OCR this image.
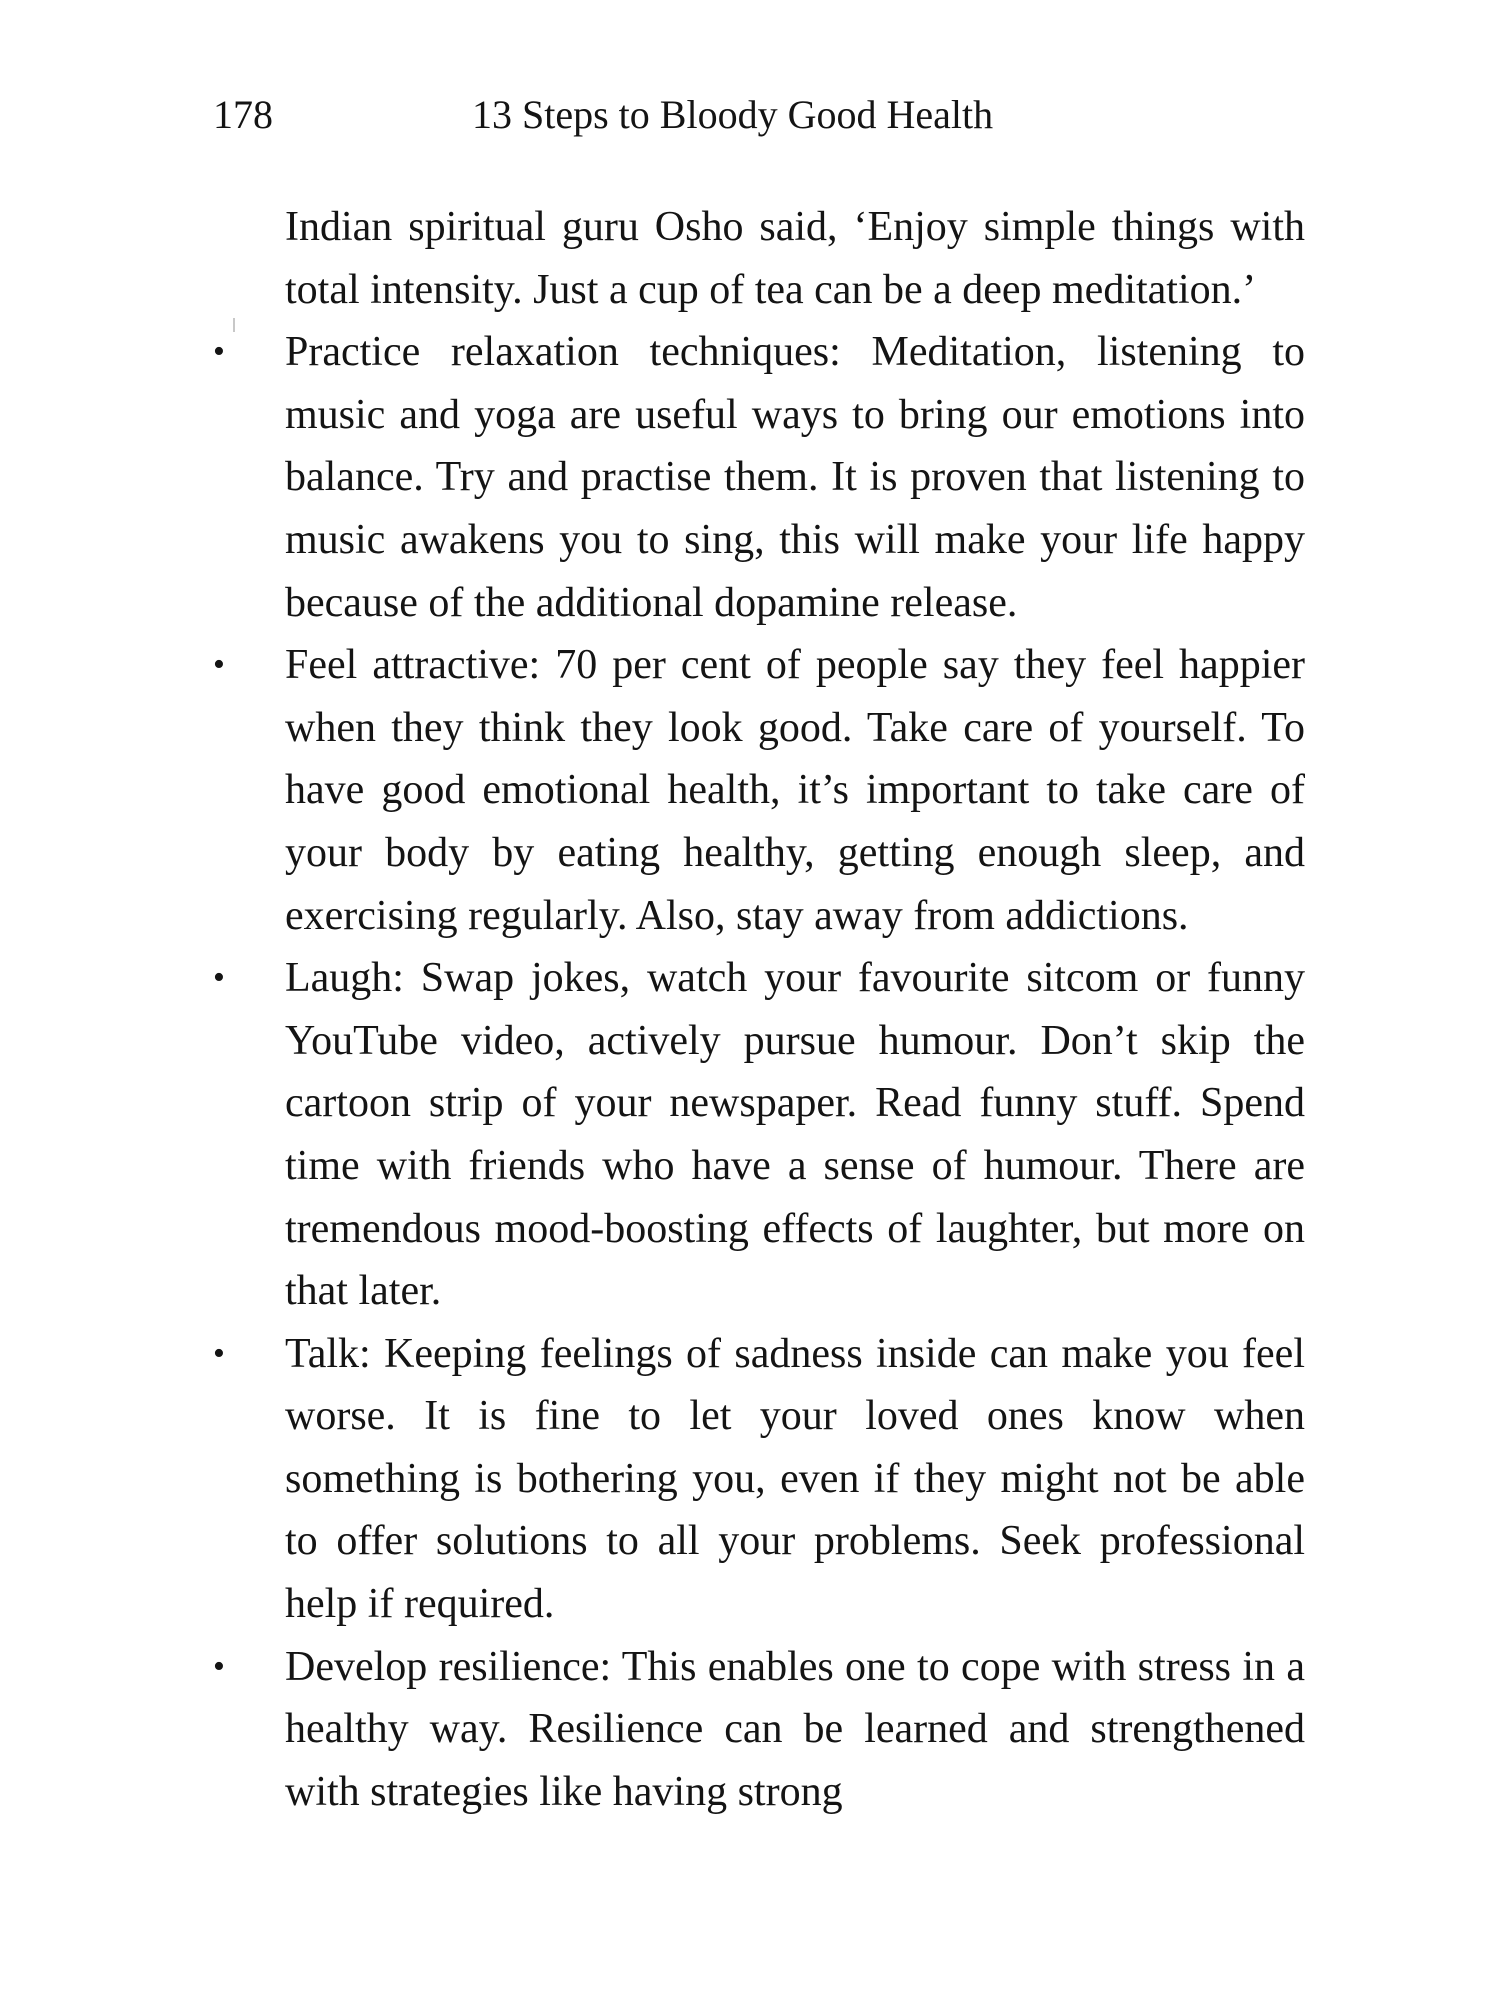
178	13 Steps to Bloody Good Health

Indian spiritual guru Osho said, ‘Enjoy simple things with total intensity. Just a cup of tea can be a deep meditation.’

• Practice relaxation techniques: Meditation, listening to music and yoga are useful ways to bring our emotions into balance. Try and practise them. It is proven that listening to music awakens you to sing, this will make your life happy because of the additional dopamine release.
• Feel attractive: 70 per cent of people say they feel happier when they think they look good. Take care of yourself. To have good emotional health, it’s important to take care of your body by eating healthy, getting enough sleep, and exercising regularly. Also, stay away from addictions.
• Laugh: Swap jokes, watch your favourite sitcom or funny YouTube video, actively pursue humour. Don’t skip the cartoon strip of your newspaper. Read funny stuff. Spend time with friends who have a sense of humour. There are tremendous mood-boosting effects of laughter, but more on that later.
• Talk: Keeping feelings of sadness inside can make you feel worse. It is fine to let your loved ones know when something is bothering you, even if they might not be able to offer solutions to all your problems. Seek professional help if required.
• Develop resilience: This enables one to cope with stress in a healthy way. Resilience can be learned and strengthened with strategies like having strong
